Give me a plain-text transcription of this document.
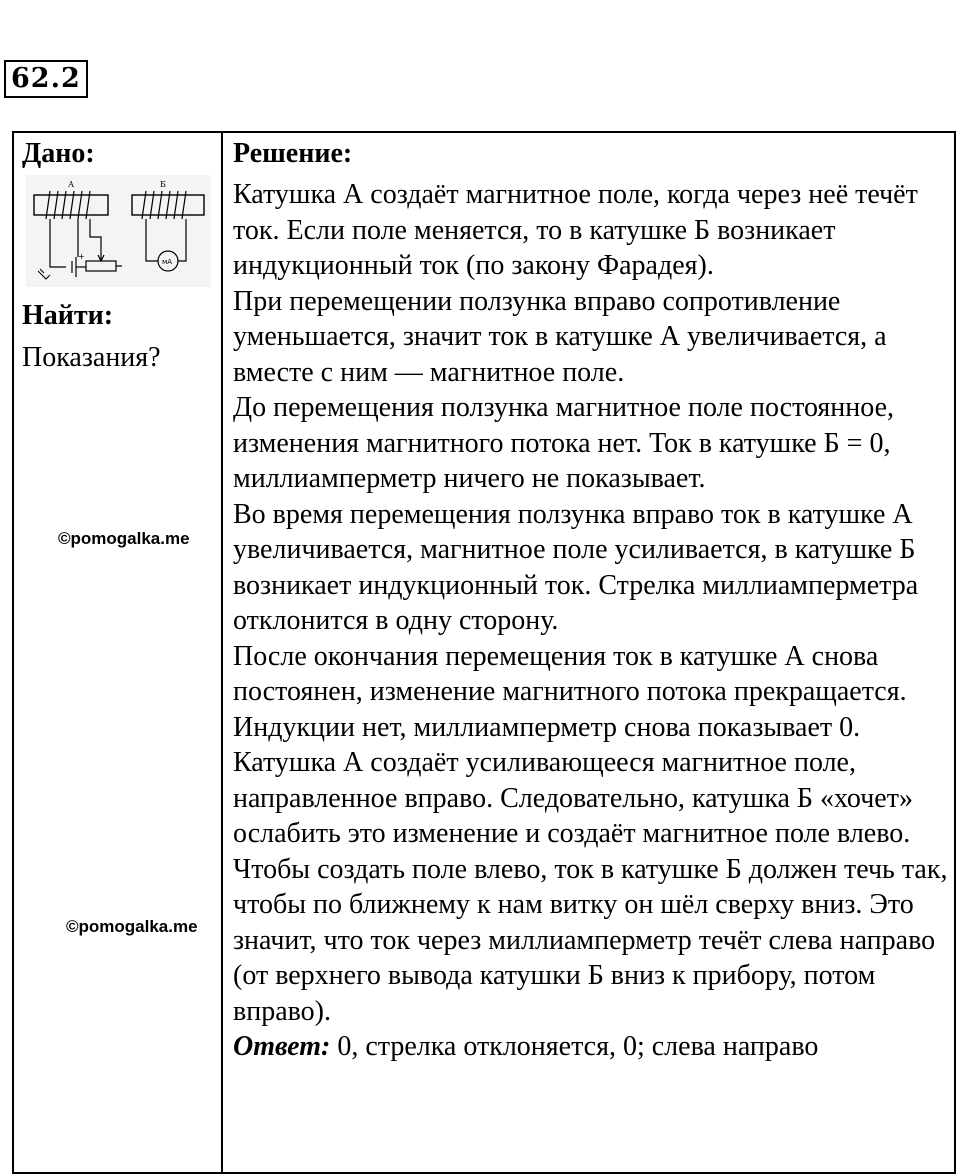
62.2
Дано:
А	Б
+
мА
Найти:
Показания?
©pomogalka.me
©pomogalka.me
Решение:

Катушка А создаёт магнитное поле, когда через неё течёт ток. Если поле меняется, то в катушке Б возникает индукционный ток (по закону Фарадея).

При перемещении ползунка вправо сопротивление уменьшается, значит ток в катушке А увеличивается, а вместе с ним — магнитное поле.

До перемещения ползунка магнитное поле постоянное, изменения магнитного потока нет. Ток в катушке Б = 0, миллиамперметр ничего не показывает.

Во время перемещения ползунка вправо ток в катушке А увеличивается, магнитное поле усиливается, в катушке Б возникает индукционный ток. Стрелка миллиамперметра отклонится в одну сторону.

После окончания перемещения ток в катушке А снова постоянен, изменение магнитного потока прекращается. Индукции нет, миллиамперметр снова показывает 0.

Катушка А создаёт усиливающееся магнитное поле, направленное вправо. Следовательно, катушка Б «хочет» ослабить это изменение и создаёт магнитное поле влево. Чтобы создать поле влево, ток в катушке Б должен течь так, чтобы по ближнему к нам витку он шёл сверху вниз. Это значит, что ток через миллиамперметр течёт слева направо (от верхнего вывода катушки Б вниз к прибору, потом вправо).

Ответ: 0, стрелка отклоняется, 0; слева направо
